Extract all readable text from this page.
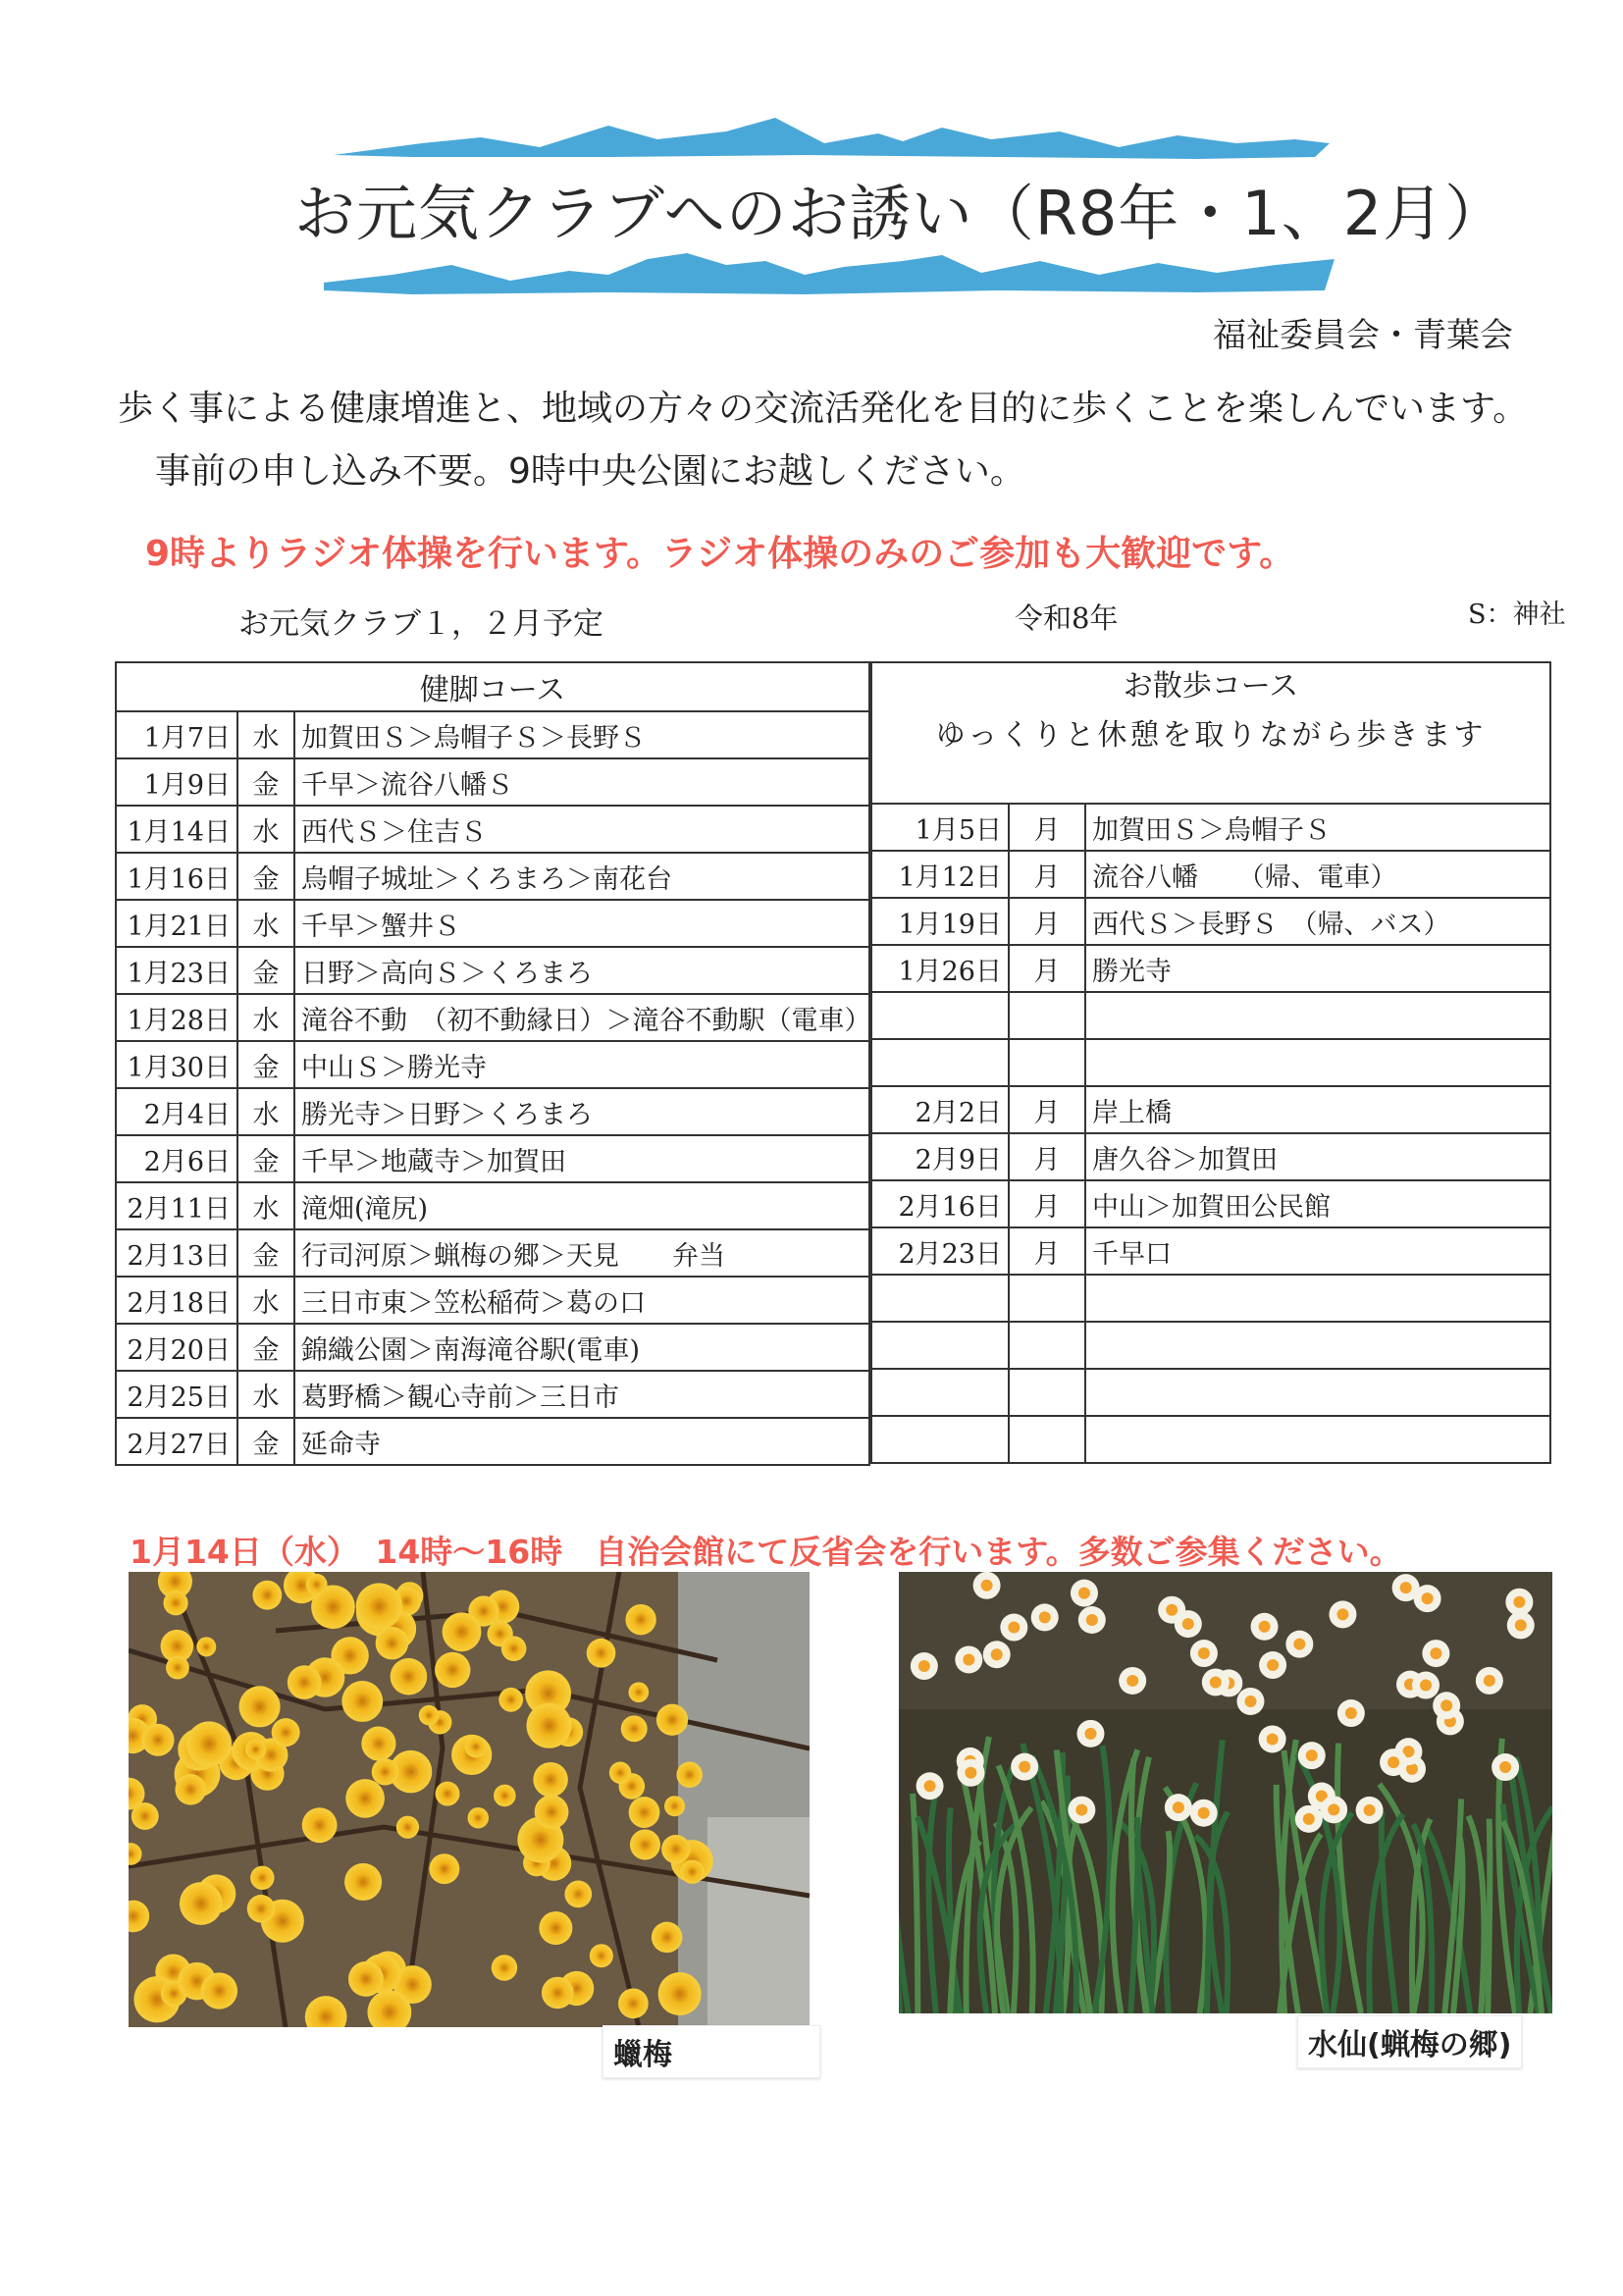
お元気クラブへのお誘い（R8年・1、2月）
福祉委員会・青葉会
歩く事による健康増進と、地域の方々の交流活発化を目的に歩くことを楽しんでいます。
事前の申し込み不要。9時中央公園にお越しください。
9時よりラジオ体操を行います。ラジオ体操のみのご参加も大歓迎です。
お元気クラブ１，２月予定	令和8年	S：神社
健脚コース		
1月7日	水	加賀田Ｓ＞烏帽子Ｓ＞長野Ｓ
1月9日	金	千早＞流谷八幡Ｓ
1月14日	水	西代Ｓ＞住吉Ｓ
1月16日	金	烏帽子城址＞くろまろ＞南花台
1月21日	水	千早＞蟹井Ｓ
1月23日	金	日野＞高向Ｓ＞くろまろ
1月28日	水	滝谷不動　（初不動縁日）＞滝谷不動駅（電車）
1月30日	金	中山Ｓ＞勝光寺
2月4日	水	勝光寺＞日野＞くろまろ
2月6日	金	千早＞地蔵寺＞加賀田
2月11日	水	滝畑(滝尻)
2月13日	金	行司河原＞蝋梅の郷＞天見　　弁当
2月18日	水	三日市東＞笠松稲荷＞葛の口
2月20日	金	錦織公園＞南海滝谷駅(電車)
2月25日	水	葛野橋＞観心寺前＞三日市
2月27日	金	延命寺
お散歩コース
ゆっくりと休憩を取りながら歩きます		

1月5日	月	加賀田Ｓ＞烏帽子Ｓ
1月12日	月	流谷八幡　　（帰、電車）
1月19日	月	西代Ｓ＞長野Ｓ　（帰、バス）
1月26日	月	勝光寺

2月2日	月	岸上橋
2月9日	月	唐久谷＞加賀田
2月16日	月	中山＞加賀田公民館
2月23日	月	千早口

1月14日（水）　14時～16時　自治会館にて反省会を行います。多数ご参集ください。
蠟梅	水仙(蝋梅の郷)
